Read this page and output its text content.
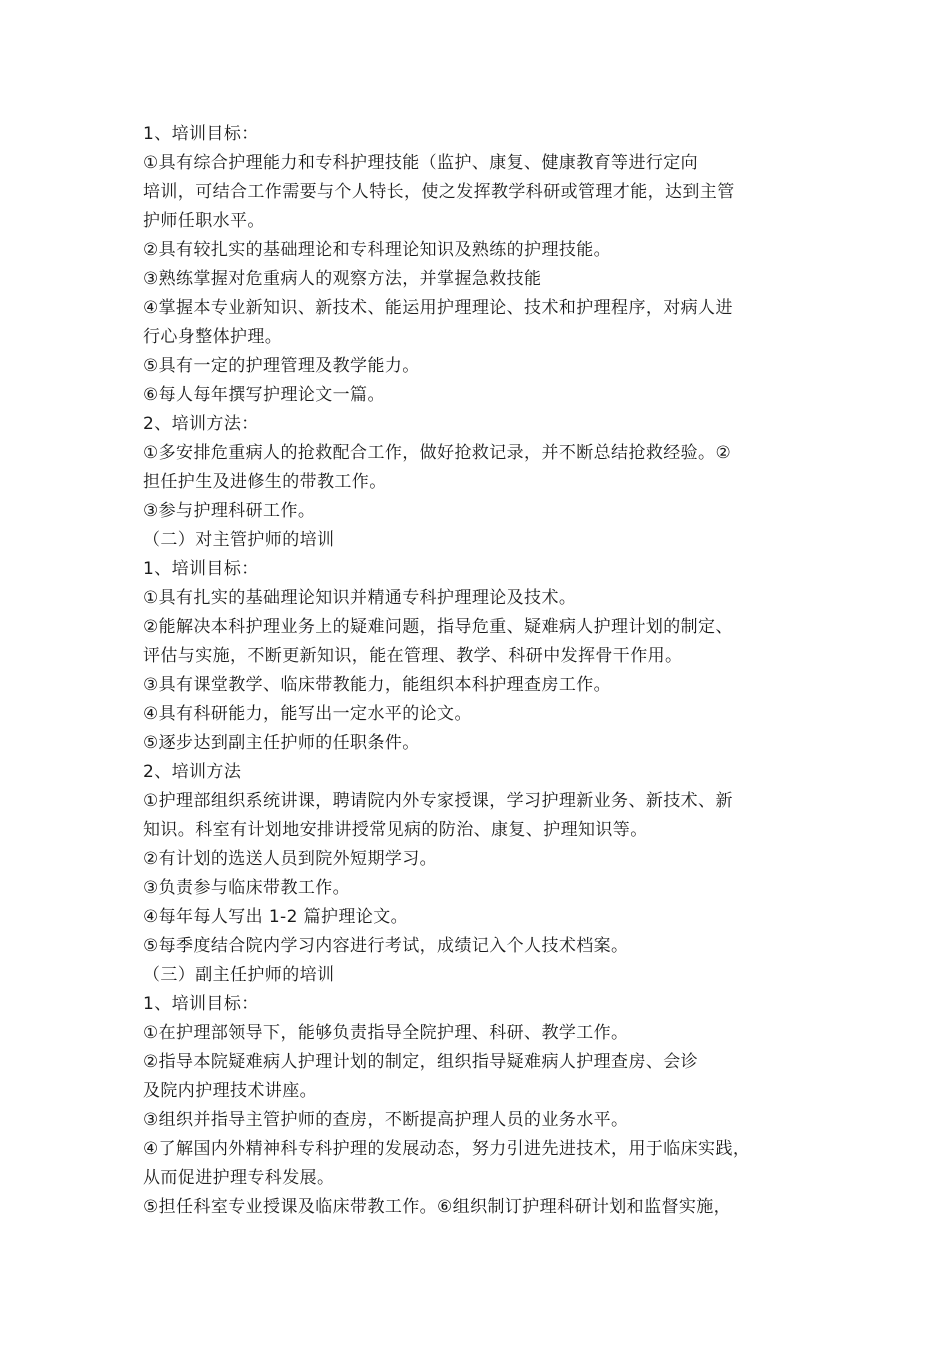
1、培训目标：

①具有综合护理能力和专科护理技能（监护、康复、健康教育等进行定向

培训，可结合工作需要与个人特长，使之发挥教学科研或管理才能，达到主管

护师任职水平。

②具有较扎实的基础理论和专科理论知识及熟练的护理技能。

③熟练掌握对危重病人的观察方法，并掌握急救技能

④掌握本专业新知识、新技术、能运用护理理论、技术和护理程序，对病人进

行心身整体护理。

⑤具有一定的护理管理及教学能力。

⑥每人每年撰写护理论文一篇。

2、培训方法：

①多安排危重病人的抢救配合工作，做好抢救记录，并不断总结抢救经验。②

担任护生及进修生的带教工作。

③参与护理科研工作。

（二）对主管护师的培训

1、培训目标：

①具有扎实的基础理论知识并精通专科护理理论及技术。

②能解决本科护理业务上的疑难问题，指导危重、疑难病人护理计划的制定、

评估与实施，不断更新知识，能在管理、教学、科研中发挥骨干作用。

③具有课堂教学、临床带教能力，能组织本科护理查房工作。

④具有科研能力，能写出一定水平的论文。

⑤逐步达到副主任护师的任职条件。

2、培训方法

①护理部组织系统讲课，聘请院内外专家授课，学习护理新业务、新技术、新

知识。科室有计划地安排讲授常见病的防治、康复、护理知识等。

②有计划的选送人员到院外短期学习。

③负责参与临床带教工作。

④每年每人写出 1-2 篇护理论文。

⑤每季度结合院内学习内容进行考试，成绩记入个人技术档案。

（三）副主任护师的培训

1、培训目标：

①在护理部领导下，能够负责指导全院护理、科研、教学工作。

②指导本院疑难病人护理计划的制定，组织指导疑难病人护理查房、会诊

及院内护理技术讲座。

③组织并指导主管护师的查房，不断提高护理人员的业务水平。

④了解国内外精神科专科护理的发展动态，努力引进先进技术，用于临床实践，

从而促进护理专科发展。

⑤担任科室专业授课及临床带教工作。⑥组织制订护理科研计划和监督实施，
